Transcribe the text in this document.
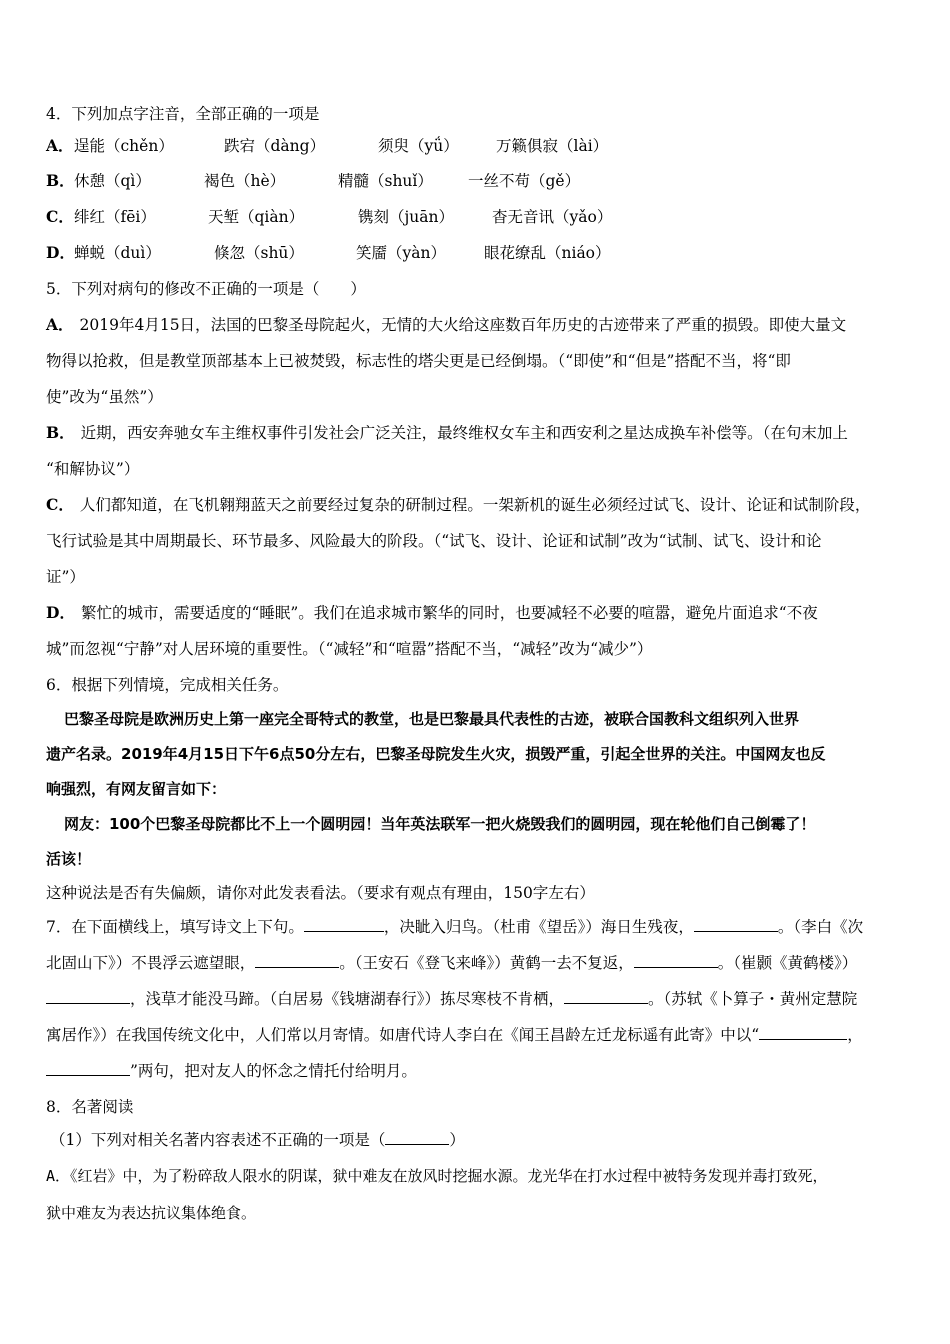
4．下列加点字注音，全部正确的一项是
A． 逞能（chěn）	跌宕（dàng）	须臾（yǘ） 万籁俱寂（lài）
B． 休憩（qì）	褐色（hè）	精髓（shuǐ） 一丝不苟（gě）
C． 绯红（fēi）	天堑（qiàn）	镌刻（juān） 杳无音讯（yǎo）
D． 蝉蜕（duì）	倏忽（shū）	笑靥（yàn） 眼花缭乱（niáo）
5．下列对病句的修改不正确的一项是（　　）
A． 2019年4月15日，法国的巴黎圣母院起火，无情的大火给这座数百年历史的古迹带来了严重的损毁。即使大量文
物得以抢救，但是教堂顶部基本上已被焚毁，标志性的塔尖更是已经倒塌。（“即使”和“但是”搭配不当，将“即
使”改为“虽然”）
B． 近期，西安奔驰女车主维权事件引发社会广泛关注，最终维权女车主和西安利之星达成换车补偿等。（在句末加上
“和解协议”）
C． 人们都知道，在飞机翱翔蓝天之前要经过复杂的研制过程。一架新机的诞生必须经过试飞、设计、论证和试制阶段，
飞行试验是其中周期最长、环节最多、风险最大的阶段。（“试飞、设计、论证和试制”改为“试制、试飞、设计和论
证”）
D． 繁忙的城市，需要适度的“睡眠”。我们在追求城市繁华的同时，也要减轻不必要的喧嚣，避免片面追求“不夜
城”而忽视“宁静”对人居环境的重要性。（“减轻”和“喧嚣”搭配不当，“减轻”改为“减少”）
6．根据下列情境，完成相关任务。
巴黎圣母院是欧洲历史上第一座完全哥特式的教堂，也是巴黎最具代表性的古迹，被联合国教科文组织列入世界
遗产名录。2019年4月15日下午6点50分左右，巴黎圣母院发生火灾，损毁严重，引起全世界的关注。中国网友也反
响强烈，有网友留言如下：
网友：100个巴黎圣母院都比不上一个圆明园！当年英法联军一把火烧毁我们的圆明园，现在轮他们自己倒霉了！
活该！
这种说法是否有失偏颇，请你对此发表看法。（要求有观点有理由，150字左右）
7．在下面横线上，填写诗文上下句。	，决眦入归鸟。（杜甫《望岳》）海日生残夜，	。（李白《次
北固山下》）不畏浮云遮望眼，	。（王安石《登飞来峰》）黄鹤一去不复返，	。（崔颢《黄鹤楼》）
，浅草才能没马蹄。（白居易《钱塘湖春行》）拣尽寒枝不肯栖，	。（苏轼《卜算子・黄州定慧院
寓居作》）在我国传统文化中，人们常以月寄情。如唐代诗人李白在《闻王昌龄左迁龙标遥有此寄》中以“	，
”两句，把对友人的怀念之情托付给明月。
8．名著阅读
（1）下列对相关名著内容表述不正确的一项是（	）
A．《红岩》中，为了粉碎敌人限水的阴谋，狱中难友在放风时挖掘水源。龙光华在打水过程中被特务发现并毒打致死，
狱中难友为表达抗议集体绝食。
